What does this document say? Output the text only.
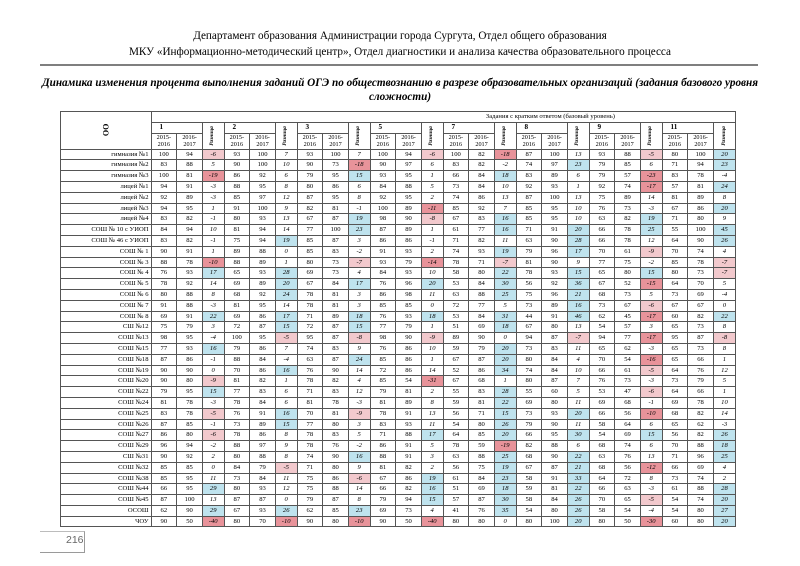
Департамент образования Администрации города Сургута, Отдел общего образования
МКУ «Информационно-методический центр», Отдел диагностики и анализа качества образовательного процесса
Динамика изменения процента выполнения заданий ОГЭ по обществознанию в разрезе образовательных организаций (задания базового уровня сложности)
ОО	Задания с кратким ответом (базовый уровень)																							
	1		Разница	2		Разница	3		Разница	5		Разница	7		Разница	8		Разница	9		Разница	11		Разница
	2015-2016	2016-2017		2015-2016	2016-2017		2015-2016	2016-2017		2015-2016	2016-2017		2015-2016	2016-2017		2015-2016	2016-2017		2015-2016	2016-2017		2015-2016	2016-2017	
гимназия №1	100	94	-6	93	100	7	93	100	7	100	94	-6	100	82	-18	87	100	13	93	88	-5	80	100	20
гимназия №2	83	88	5	90	100	10	90	73	-18	90	97	6	83	82	-2	74	97	23	79	85	6	71	94	23
гимназия №3	100	81	-19	86	92	6	79	95	15	93	95	1	66	84	18	83	89	6	79	57	-23	83	78	-4
лицей №1	94	91	-3	88	95	8	80	86	6	84	88	5	73	84	10	92	93	1	92	74	-17	57	81	24
лицей №2	92	89	-3	85	97	12	87	95	8	92	95	2	74	86	13	87	100	13	75	89	14	81	89	8
лицей №3	94	95	1	91	100	9	82	81	-1	100	89	-11	85	92	7	85	95	10	76	73	-3	67	86	20
лицей №4	83	82	-1	80	93	13	67	87	19	98	90	-8	67	83	16	85	95	10	63	82	19	71	80	9
СОШ № 10 с УИОП	84	94	10	81	94	14	77	100	23	87	89	1	61	77	16	71	91	20	66	78	25	55	100	45
СОШ № 46 с УИОП	83	82	-1	75	94	19	85	87	3	86	86	-1	71	82	11	63	90	28	66	78	12	64	90	26
СОШ № 1	90	91	1	89	88	0	85	83	-2	91	93	2	74	93	19	79	96	17	70	61	-9	70	74	4
СОШ № 3	88	78	-10	88	89	1	80	73	-7	93	79	-14	78	71	-7	81	90	9	77	75	-2	85	78	-7
СОШ № 4	76	93	17	65	93	28	69	73	4	84	93	10	58	80	22	78	93	15	65	80	15	80	73	-7
СОШ № 5	78	92	14	69	89	20	67	84	17	76	96	20	53	84	30	56	92	36	67	52	-15	64	70	5
СОШ № 6	80	88	8	68	92	24	78	81	3	86	98	11	63	88	25	75	96	21	68	73	5	73	69	-4
СОШ № 7	91	88	-3	81	95	14	78	81	3	85	85	0	72	77	5	73	89	16	73	67	-6	67	67	0
СОШ № 8	69	91	22	69	86	17	71	89	18	76	93	18	53	84	31	44	91	46	62	45	-17	60	82	22
СШ №12	75	79	3	72	87	15	72	87	15	77	79	1	51	69	18	67	80	13	54	57	3	65	73	8
СОШ №13	98	95	-4	100	95	-5	95	87	-8	98	90	-9	89	90	0	94	87	-7	94	77	-17	95	87	-8
СОШ №15	77	93	16	79	86	7	74	83	9	76	86	10	59	79	20	73	83	11	65	62	-3	65	73	8
СОШ №18	87	86	-1	88	84	-4	63	87	24	85	86	1	67	87	20	80	84	4	70	54	-16	65	66	1
СОШ №19	90	90	0	70	86	16	76	90	14	72	86	14	52	86	34	74	84	10	66	61	-5	64	76	12
СОШ №20	90	80	-9	81	82	1	78	82	4	85	54	-31	67	68	1	80	87	7	76	73	-3	73	79	5
СОШ №22	79	95	15	77	83	6	71	83	12	79	81	2	55	83	28	55	60	5	53	47	-6	64	66	1
СОШ №24	81	78	-3	78	84	6	81	78	-3	81	89	8	59	81	22	69	80	11	69	68	-1	69	78	10
СОШ №25	83	78	-5	76	91	16	70	81	-9	78	91	13	56	71	15	73	93	20	66	56	-10	68	82	14
СОШ №26	87	85	-1	73	89	15	77	80	3	83	93	11	54	80	26	79	90	11	58	64	6	65	62	-3
СОШ №27	86	80	-6	78	86	8	78	83	5	71	88	17	64	85	20	66	95	30	54	69	15	56	82	26
СОШ №29	96	94	-2	88	97	9	78	76	-2	86	91	5	78	59	-19	82	88	6	68	74	6	70	88	18
СШ №31	90	92	2	80	88	8	74	90	16	88	91	3	63	88	25	68	90	22	63	76	13	71	96	25
СОШ №32	85	85	0	84	79	-5	71	80	9	81	82	2	56	75	19	67	87	21	68	56	-12	66	69	4
СОШ №38	85	95	11	73	84	11	75	86	-6	67	86	19	61	84	23	58	91	33	64	72	8	73	74	2
СОШ №44	66	95	29	80	93	12	75	88	14	66	82	16	51	69	18	59	81	22	66	63	-3	61	88	28
СОШ №45	87	100	13	87	87	0	79	87	8	79	94	15	57	87	30	58	84	26	70	65	-5	54	74	20
ОСОШ	62	90	29	67	93	26	62	85	23	69	73	4	41	76	35	54	80	26	58	54	-4	54	80	27
ЧОУ	90	50	-40	80	70	-10	90	80	-10	90	50	-40	80	80	0	80	100	20	80	50	-30	60	80	20
216
